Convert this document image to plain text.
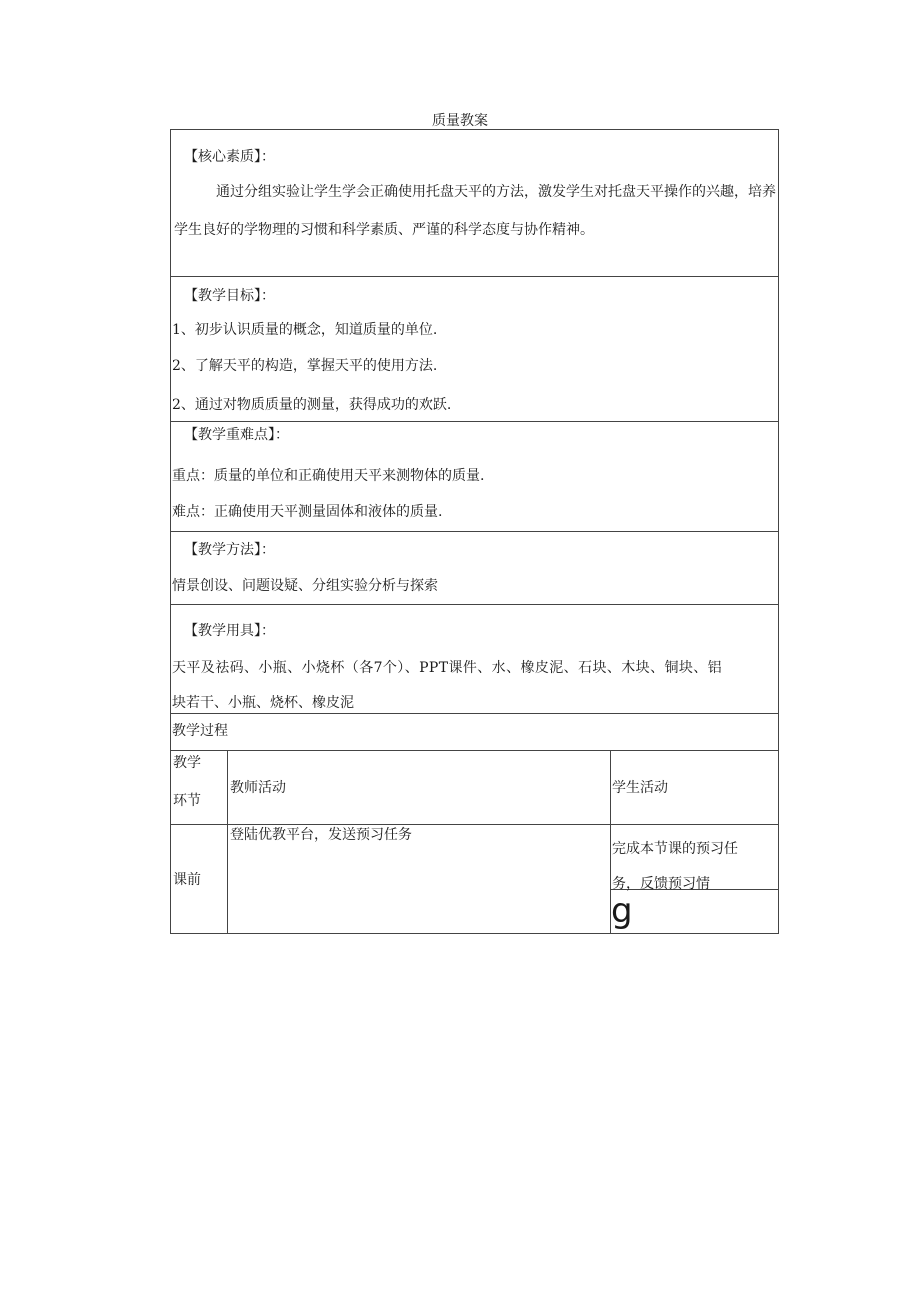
质量教案
【核心素质】：
通过分组实验让学生学会正确使用托盘天平的方法，激发学生对托盘天平操作的兴趣，培养学生良好的学物理的习惯和科学素质、严谨的科学态度与协作精神。
【教学目标】：
1、初步认识质量的概念，知道质量的单位.
2、了解天平的构造，掌握天平的使用方法.
2、通过对物质质量的测量，获得成功的欢跃.
【教学重难点】：
重点：质量的单位和正确使用天平来测物体的质量.
难点：正确使用天平测量固体和液体的质量.
【教学方法】：
情景创设、问题设疑、分组实验分析与探索
【教学用具】：
天平及祛码、小瓶、小烧杯（各7个）、PPT课件、水、橡皮泥、石块、木块、铜块、铝
块若干、小瓶、烧杯、橡皮泥
教学过程
教学
环节
教师活动	学生活动
课前
登陆优教平台，发送预习任务
完成本节课的预习任
务，反馈预习情
g
